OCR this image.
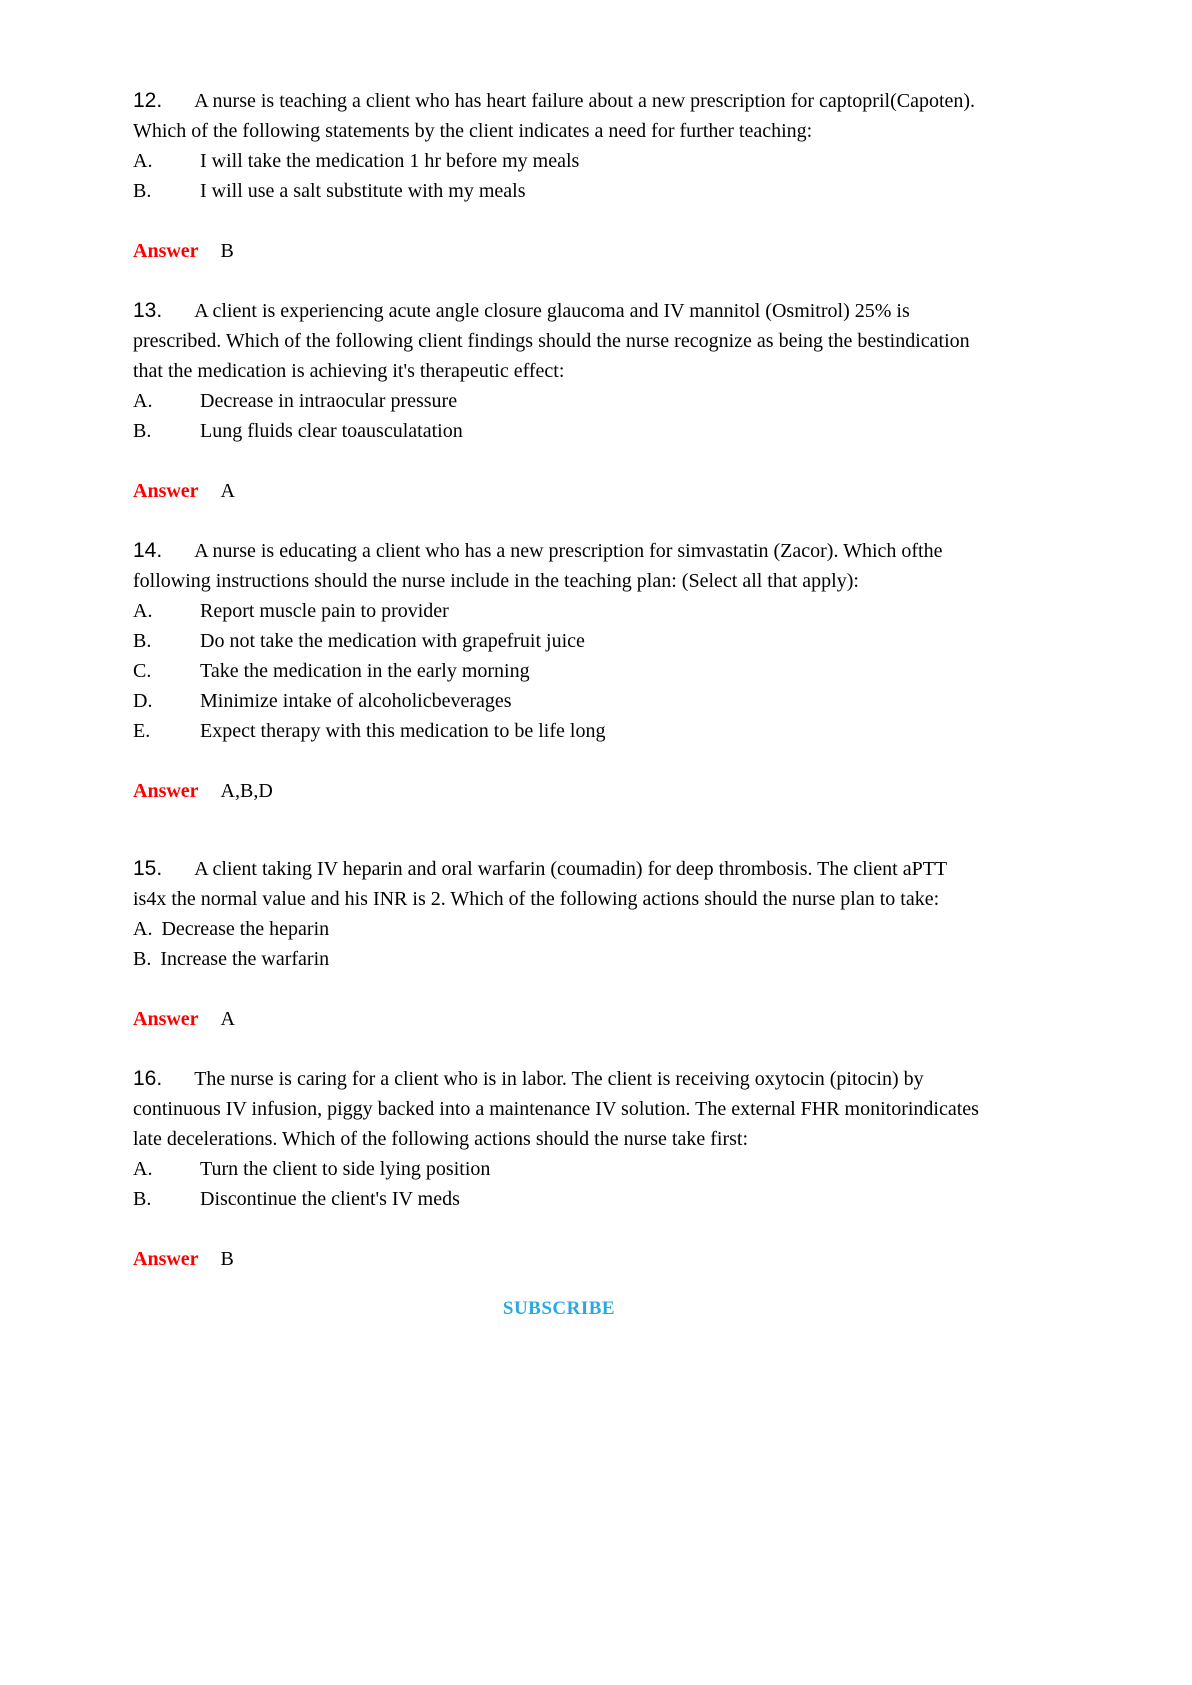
12. A nurse is teaching a client who has heart failure about a new prescription for captopril(Capoten). Which of the following statements by the client indicates a need for further teaching:

A.	I will take the medication 1 hr before my meals

B.	I will use a salt substitute with my meals

Answer B

13. A client is experiencing acute angle closure glaucoma and IV mannitol (Osmitrol) 25% is prescribed. Which of the following client findings should the nurse recognize as being the bestindication that the medication is achieving it's therapeutic effect:

A.	Decrease in intraocular pressure

B.	Lung fluids clear toausculatation

Answer A

14. A nurse is educating a client who has a new prescription for simvastatin (Zacor). Which ofthe following instructions should the nurse include in the teaching plan: (Select all that apply):

A.	Report muscle pain to provider

B.	Do not take the medication with grapefruit juice

C.	Take the medication in the early morning

D.	Minimize intake of alcoholicbeverages

E.	Expect therapy with this medication to be life long

Answer A,B,D

15. A client taking IV heparin and oral warfarin (coumadin) for deep thrombosis. The client aPTT is4x the normal value and his INR is 2. Which of the following actions should the nurse plan to take:

A. Decrease the heparin

B. Increase the warfarin

Answer A

16. The nurse is caring for a client who is in labor. The client is receiving oxytocin (pitocin) by continuous IV infusion, piggy backed into a maintenance IV solution. The external FHR monitorindicates late decelerations. Which of the following actions should the nurse take first:

A.	Turn the client to side lying position

B.	Discontinue the client's IV meds

Answer B

SUBSCRIBE
